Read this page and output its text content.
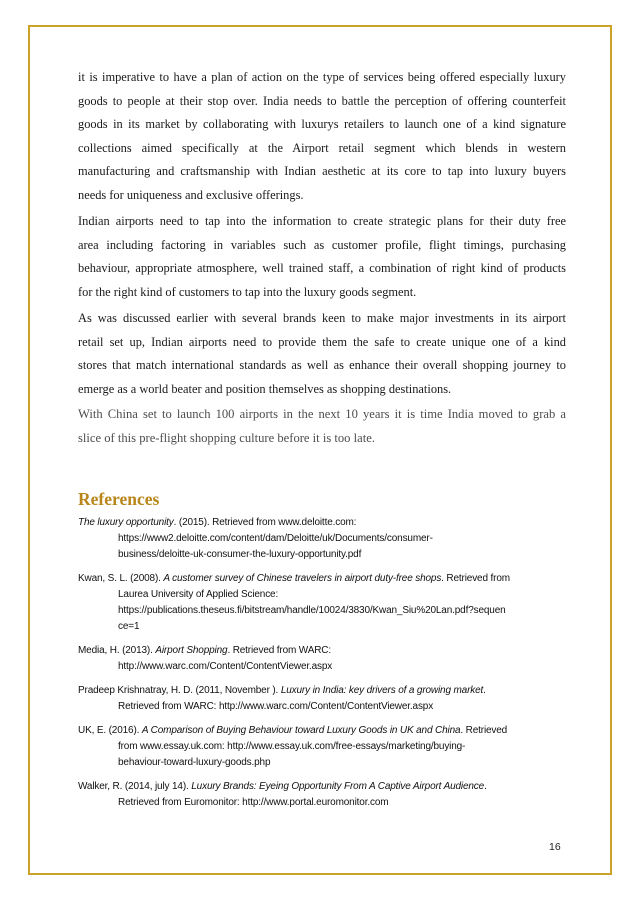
it is imperative to have a plan of action on the type of services being offered especially luxury
goods to people at their stop over. India needs to battle the perception of offering counterfeit
goods in its market by collaborating with luxurys retailers to launch one of a kind signature
collections aimed specifically at the Airport retail segment which blends in western
manufacturing and craftsmanship with Indian aesthetic at its core to tap into luxury buyers
needs for uniqueness and exclusive offerings.
Indian airports need to tap into the information to create strategic plans for their duty free
area including factoring in variables such as customer profile, flight timings, purchasing
behaviour, appropriate atmosphere, well trained staff, a combination of right kind of products
for the right kind of customers to tap into the luxury goods segment.
As was discussed earlier with several brands keen to make major investments in its airport
retail set up, Indian airports need to provide them the safe to create unique one of a kind
stores that match international standards as well as enhance their overall shopping journey to
emerge as a world beater and position themselves as shopping destinations.
With China set to launch 100 airports in the next 10 years it is time India moved to grab a
slice of this pre-flight shopping culture before it is too late.
References
The luxury opportunity. (2015). Retrieved from www.deloitte.com:
https://www2.deloitte.com/content/dam/Deloitte/uk/Documents/consumer-
business/deloitte-uk-consumer-the-luxury-opportunity.pdf
Kwan, S. L. (2008). A customer survey of Chinese travelers in airport duty-free shops. Retrieved from
Laurea University of Applied Science:
https://publications.theseus.fi/bitstream/handle/10024/3830/Kwan_Siu%20Lan.pdf?sequen
ce=1
Media, H. (2013). Airport Shopping. Retrieved from WARC:
http://www.warc.com/Content/ContentViewer.aspx
Pradeep Krishnatray, H. D. (2011, November ). Luxury in India: key drivers of a growing market.
Retrieved from WARC: http://www.warc.com/Content/ContentViewer.aspx
UK, E. (2016). A Comparison of Buying Behaviour toward Luxury Goods in UK and China. Retrieved
from www.essay.uk.com: http://www.essay.uk.com/free-essays/marketing/buying-
behaviour-toward-luxury-goods.php
Walker, R. (2014, july 14). Luxury Brands: Eyeing Opportunity From A Captive Airport Audience.
Retrieved from Euromonitor: http://www.portal.euromonitor.com
16
